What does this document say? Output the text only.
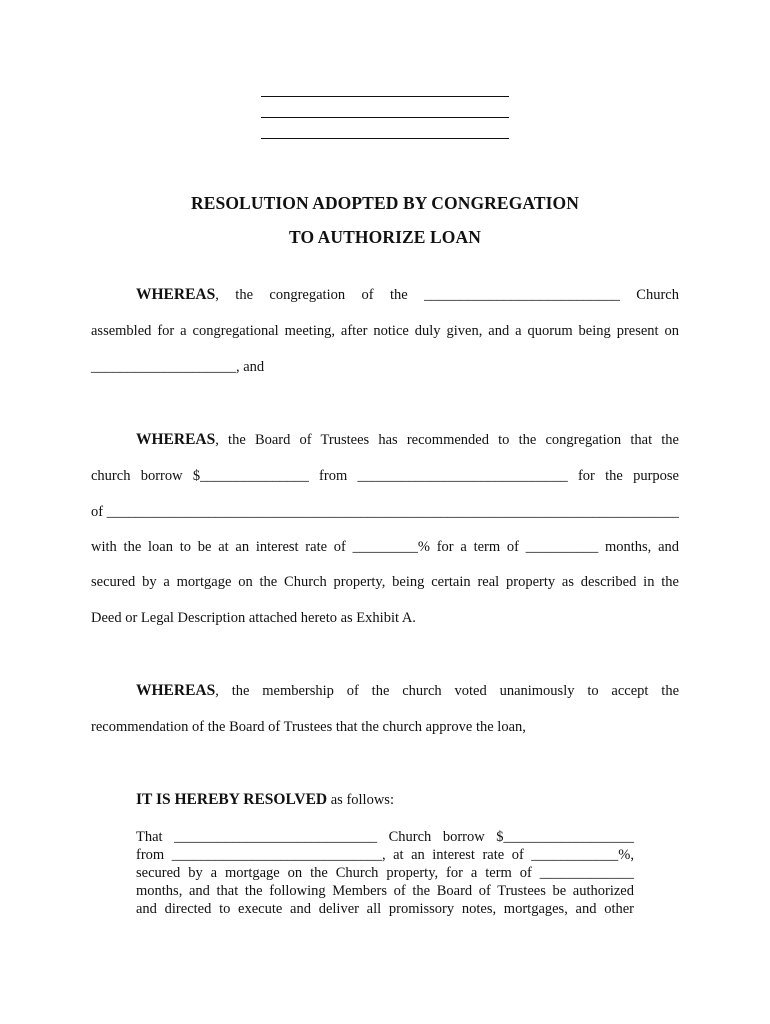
RESOLUTION ADOPTED BY CONGREGATION
TO AUTHORIZE LOAN
WHEREAS, the congregation of the ___________________________ Church
assembled for a congregational meeting, after notice duly given, and a quorum being present on
____________________, and
WHEREAS, the Board of Trustees has recommended to the congregation that the
church borrow $_______________ from _____________________________ for the purpose
of _______________________________________________________________________________
with the loan to be at an interest rate of _________% for a term of __________ months, and
secured by a mortgage on the Church property, being certain real property as described in the
Deed or Legal Description attached hereto as Exhibit A.
WHEREAS, the membership of the church voted unanimously to accept the
recommendation of the Board of Trustees that the church approve the loan,
IT IS HEREBY RESOLVED as follows:
That ____________________________ Church borrow $__________________
from _____________________________, at an interest rate of ____________%,
secured by a mortgage on the Church property, for a term of _____________
months, and that the following Members of the Board of Trustees be authorized
and directed to execute and deliver all promissory notes, mortgages, and other
